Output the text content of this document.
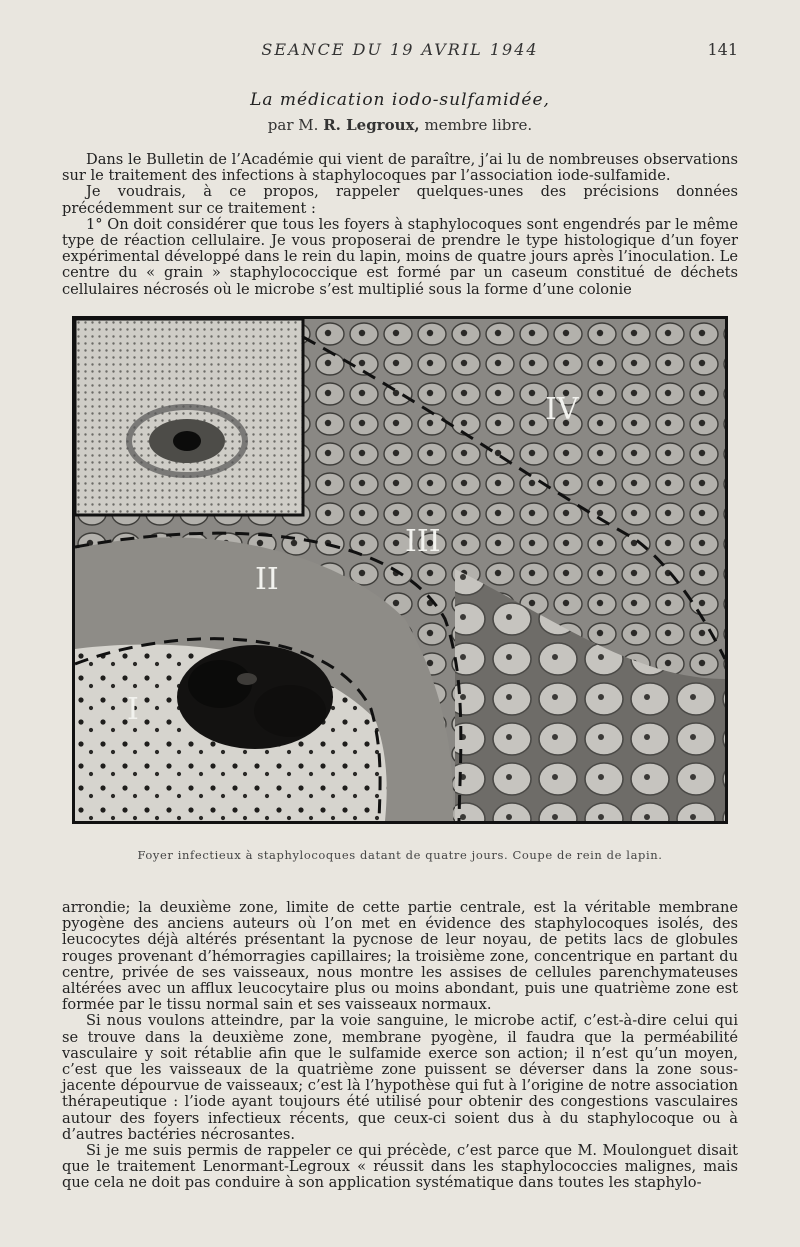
SEANCE DU 19 AVRIL 1944	141
La médication iodo-sulfamidée,
par M. R. Legroux, membre libre.

Dans le Bulletin de l’Académie qui vient de paraître, j’ai lu de nombreuses observations sur le traitement des infections à staphylocoques par l’association iode-sulfamide.

Je voudrais, à ce propos, rappeler quelques-unes des précisions données précédemment sur ce traitement :

1° On doit considérer que tous les foyers à staphylocoques sont engendrés par le même type de réaction cellulaire. Je vous proposerai de prendre le type histologique d’un foyer expérimental développé dans le rein du lapin, moins de quatre jours après l’inoculation. Le centre du « grain » staphylococcique est formé par un caseum constitué de déchets cellulaires nécrosés où le microbe s’est multiplié sous la forme d’une colonie

I
II
III
IV
Foyer infectieux à staphylocoques datant de quatre jours. Coupe de rein de lapin.

arrondie; la deuxième zone, limite de cette partie centrale, est la véritable membrane pyogène des anciens auteurs où l’on met en évidence des staphylocoques isolés, des leucocytes déjà altérés présentant la pycnose de leur noyau, de petits lacs de globules rouges provenant d’hémorragies capillaires; la troisième zone, concentrique en partant du centre, privée de ses vaisseaux, nous montre les assises de cellules parenchymateuses altérées avec un afflux leucocytaire plus ou moins abondant, puis une quatrième zone est formée par le tissu normal sain et ses vaisseaux normaux.

Si nous voulons atteindre, par la voie sanguine, le microbe actif, c’est-à-dire celui qui se trouve dans la deuxième zone, membrane pyogène, il faudra que la perméabilité vasculaire y soit rétablie afin que le sulfamide exerce son action; il n’est qu’un moyen, c’est que les vaisseaux de la quatrième zone puissent se déverser dans la zone sous-jacente dépourvue de vaisseaux; c’est là l’hypothèse qui fut à l’origine de notre association thérapeutique : l’iode ayant toujours été utilisé pour obtenir des congestions vasculaires autour des foyers infectieux récents, que ceux-ci soient dus à du staphylocoque ou à d’autres bactéries nécrosantes.

Si je me suis permis de rappeler ce qui précède, c’est parce que M. Moulonguet disait que le traitement Lenormant-Legroux « réussit dans les staphylococcies malignes, mais que cela ne doit pas conduire à son application systématique dans toutes les staphylo-
